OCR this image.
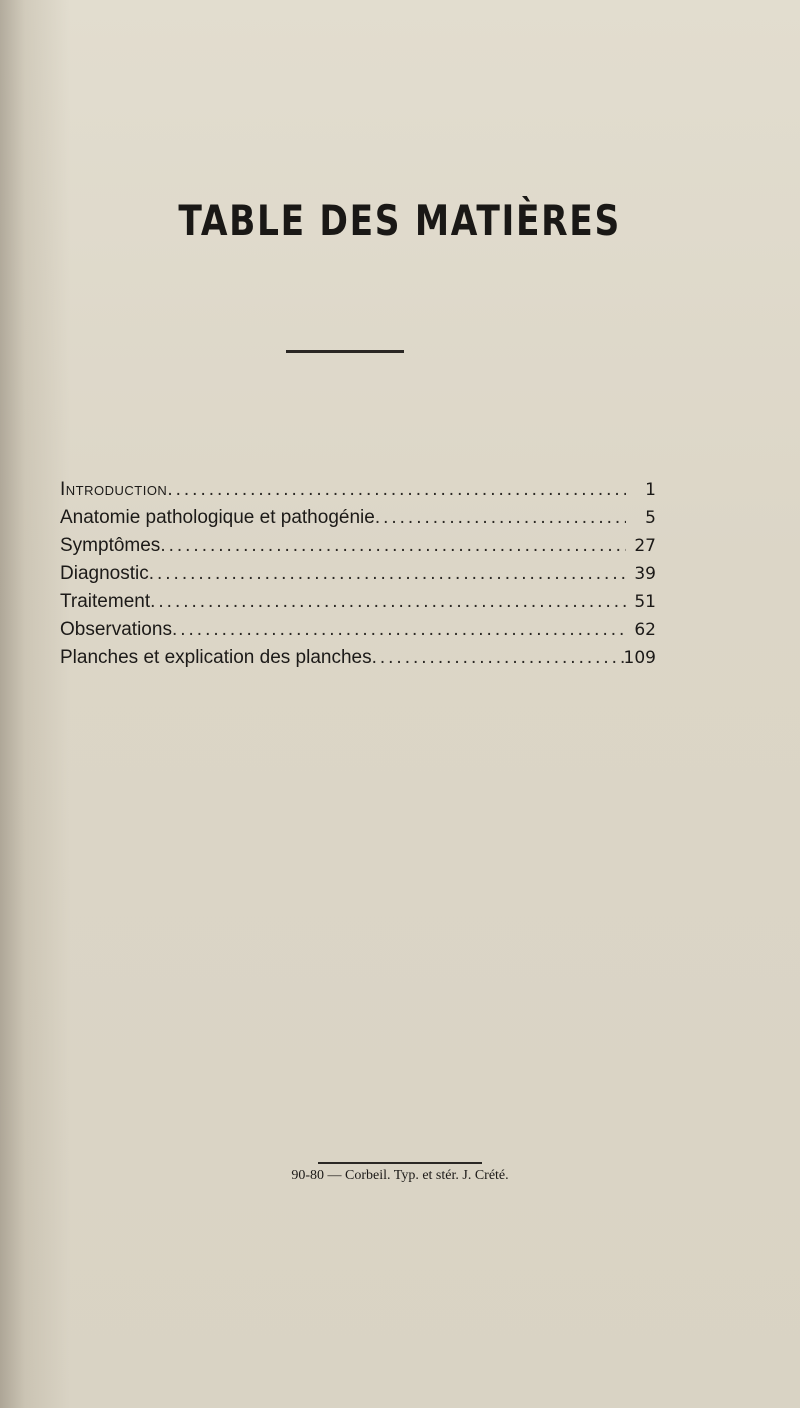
TABLE DES MATIÈRES
Introduction .....	1
Anatomie pathologique et pathogénie .....	5
Symptômes .....	27
Diagnostic .....	39
Traitement .....	51
Observations .....	62
Planches et explication des planches .....	109
90-80 — Corbeil. Typ. et stér. J. Crété.
